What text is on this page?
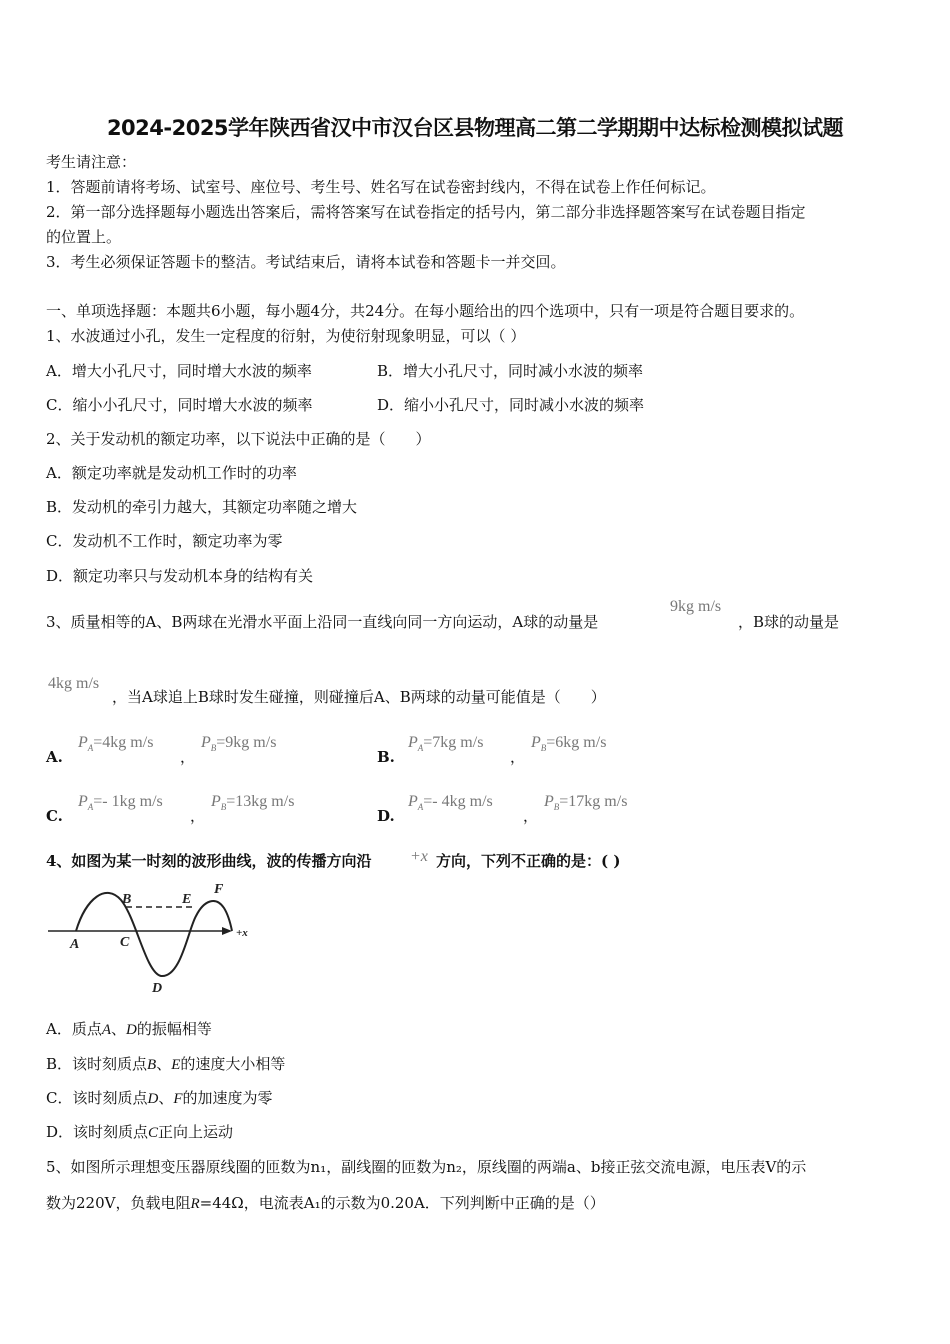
2024-2025学年陕西省汉中市汉台区县物理高二第二学期期中达标检测模拟试题
考生请注意：
1．答题前请将考场、试室号、座位号、考生号、姓名写在试卷密封线内，不得在试卷上作任何标记。
2．第一部分选择题每小题选出答案后，需将答案写在试卷指定的括号内，第二部分非选择题答案写在试卷题目指定
的位置上。
3．考生必须保证答题卡的整洁。考试结束后，请将本试卷和答题卡一并交回。
一、单项选择题：本题共6小题，每小题4分，共24分。在每小题给出的四个选项中，只有一项是符合题目要求的。
1、水波通过小孔，发生一定程度的衍射，为使衍射现象明显，可以（ ）
A．增大小孔尺寸，同时增大水波的频率	B．增大小孔尺寸，同时减小水波的频率
C．缩小小孔尺寸，同时增大水波的频率	D．缩小小孔尺寸，同时减小水波的频率
2、关于发动机的额定功率，以下说法中正确的是（　　）
A．额定功率就是发动机工作时的功率
B．发动机的牵引力越大，其额定功率随之增大
C．发动机不工作时，额定功率为零
D．额定功率只与发动机本身的结构有关
3、质量相等的A、B两球在光滑水平面上沿同一直线向同一方向运动，A球的动量是
9kg m/s
，B球的动量是
4kg m/s
，当A球追上B球时发生碰撞，则碰撞后A、B两球的动量可能值是（　　）
A.
$P_A=4kg$ m/s
，
$P_B=9kg$ m/s
B.
$P_A=7kg$ m/s
，
$P_B=6kg$ m/s
C.
$P_A=-$ 1kg m/s
，
$P_B=13kg$ m/s
D.
$P_A=-$ 4kg m/s
，
$P_B=17kg$ m/s
4、如图为某一时刻的波形曲线，波的传播方向沿 +x 方向，下列不正确的是：( )
A
B
C
D
E
F
+x
A．质点A、D的振幅相等
B．该时刻质点B、E的速度大小相等
C．该时刻质点D、F的加速度为零
D．该时刻质点C正向上运动
5、如图所示理想变压器原线圈的匝数为n₁，副线圈的匝数为n₂，原线圈的两端a、b接正弦交流电源，电压表V的示
数为220V，负载电阻R=44Ω，电流表A₁的示数为0.20A．下列判断中正确的是（）
